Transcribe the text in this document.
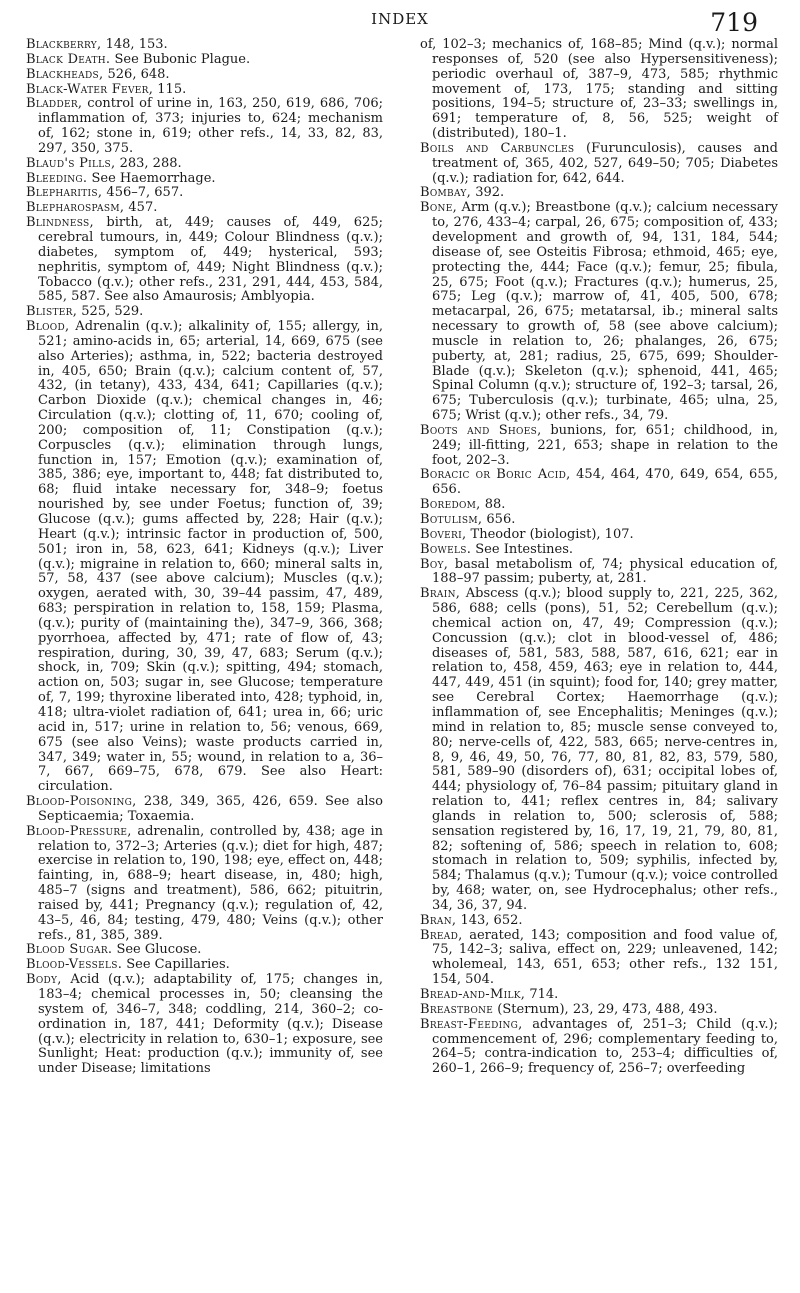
INDEX	719

Blackberry, 148, 153.

Black Death. See Bubonic Plague.

Blackheads, 526, 648.

Black-Water Fever, 115.

Bladder, control of urine in, 163, 250, 619, 686, 706; inflammation of, 373; injuries to, 624; mechanism of, 162; stone in, 619; other refs., 14, 33, 82, 83, 297, 350, 375.

Blaud's Pills, 283, 288.

Bleeding. See Haemorrhage.

Blepharitis, 456–7, 657.

Blepharospasm, 457.

Blindness, birth, at, 449; causes of, 449, 625; cerebral tumours, in, 449; Colour Blindness (q.v.); diabetes, symptom of, 449; hysterical, 593; nephritis, symptom of, 449; Night Blindness (q.v.); Tobacco (q.v.); other refs., 231, 291, 444, 453, 584, 585, 587. See also Amaurosis; Amblyopia.

Blister, 525, 529.

Blood, Adrenalin (q.v.); alkalinity of, 155; allergy, in, 521; amino-acids in, 65; arterial, 14, 669, 675 (see also Arteries); asthma, in, 522; bacteria destroyed in, 405, 650; Brain (q.v.); calcium content of, 57, 432, (in tetany), 433, 434, 641; Capillaries (q.v.); Carbon Dioxide (q.v.); chemical changes in, 46; Circulation (q.v.); clotting of, 11, 670; cooling of, 200; composition of, 11; Constipation (q.v.); Corpuscles (q.v.); elimination through lungs, function in, 157; Emotion (q.v.); examination of, 385, 386; eye, important to, 448; fat distributed to, 68; fluid intake necessary for, 348–9; foetus nourished by, see under Foetus; function of, 39; Glucose (q.v.); gums affected by, 228; Hair (q.v.); Heart (q.v.); intrinsic factor in production of, 500, 501; iron in, 58, 623, 641; Kidneys (q.v.); Liver (q.v.); migraine in relation to, 660; mineral salts in, 57, 58, 437 (see above calcium); Muscles (q.v.); oxygen, aerated with, 30, 39–44 passim, 47, 489, 683; perspiration in relation to, 158, 159; Plasma, (q.v.); purity of (maintaining the), 347–9, 366, 368; pyorrhoea, affected by, 471; rate of flow of, 43; respiration, during, 30, 39, 47, 683; Serum (q.v.); shock, in, 709; Skin (q.v.); spitting, 494; stomach, action on, 503; sugar in, see Glucose; temperature of, 7, 199; thyroxine liberated into, 428; typhoid, in, 418; ultra-violet radiation of, 641; urea in, 66; uric acid in, 517; urine in relation to, 56; venous, 669, 675 (see also Veins); waste products carried in, 347, 349; water in, 55; wound, in relation to a, 36–7, 667, 669–75, 678, 679. See also Heart: circulation.

Blood-Poisoning, 238, 349, 365, 426, 659. See also Septicaemia; Toxaemia.

Blood-Pressure, adrenalin, controlled by, 438; age in relation to, 372–3; Arteries (q.v.); diet for high, 487; exercise in relation to, 190, 198; eye, effect on, 448; fainting, in, 688–9; heart disease, in, 480; high, 485–7 (signs and treatment), 586, 662; pituitrin, raised by, 441; Pregnancy (q.v.); regulation of, 42, 43–5, 46, 84; testing, 479, 480; Veins (q.v.); other refs., 81, 385, 389.

Blood Sugar. See Glucose.

Blood-Vessels. See Capillaries.

Body, Acid (q.v.); adaptability of, 175; changes in, 183–4; chemical processes in, 50; cleansing the system of, 346–7, 348; coddling, 214, 360–2; co-ordination in, 187, 441; Deformity (q.v.); Disease (q.v.); electricity in relation to, 630–1; exposure, see Sunlight; Heat: production (q.v.); immunity of, see under Disease; limitations

of, 102–3; mechanics of, 168–85; Mind (q.v.); normal responses of, 520 (see also Hypersensitiveness); periodic overhaul of, 387–9, 473, 585; rhythmic movement of, 173, 175; standing and sitting positions, 194–5; structure of, 23–33; swellings in, 691; temperature of, 8, 56, 525; weight of (distributed), 180–1.

Boils and Carbuncles (Furunculosis), causes and treatment of, 365, 402, 527, 649–50; 705; Diabetes (q.v.); radiation for, 642, 644.

Bombay, 392.

Bone, Arm (q.v.); Breastbone (q.v.); calcium necessary to, 276, 433–4; carpal, 26, 675; composition of, 433; development and growth of, 94, 131, 184, 544; disease of, see Osteitis Fibrosa; ethmoid, 465; eye, protecting the, 444; Face (q.v.); femur, 25; fibula, 25, 675; Foot (q.v.); Fractures (q.v.); humerus, 25, 675; Leg (q.v.); marrow of, 41, 405, 500, 678; metacarpal, 26, 675; metatarsal, ib.; mineral salts necessary to growth of, 58 (see above calcium); muscle in relation to, 26; phalanges, 26, 675; puberty, at, 281; radius, 25, 675, 699; Shoulder-Blade (q.v.); Skeleton (q.v.); sphenoid, 441, 465; Spinal Column (q.v.); structure of, 192–3; tarsal, 26, 675; Tuberculosis (q.v.); turbinate, 465; ulna, 25, 675; Wrist (q.v.); other refs., 34, 79.

Boots and Shoes, bunions, for, 651; childhood, in, 249; ill-fitting, 221, 653; shape in relation to the foot, 202–3.

Boracic or Boric Acid, 454, 464, 470, 649, 654, 655, 656.

Boredom, 88.

Botulism, 656.

Boveri, Theodor (biologist), 107.

Bowels. See Intestines.

Boy, basal metabolism of, 74; physical education of, 188–97 passim; puberty, at, 281.

Brain, Abscess (q.v.); blood supply to, 221, 225, 362, 586, 688; cells (pons), 51, 52; Cerebellum (q.v.); chemical action on, 47, 49; Compression (q.v.); Concussion (q.v.); clot in blood-vessel of, 486; diseases of, 581, 583, 588, 587, 616, 621; ear in relation to, 458, 459, 463; eye in relation to, 444, 447, 449, 451 (in squint); food for, 140; grey matter, see Cerebral Cortex; Haemorrhage (q.v.); inflammation of, see Encephalitis; Meninges (q.v.); mind in relation to, 85; muscle sense conveyed to, 80; nerve-cells of, 422, 583, 665; nerve-centres in, 8, 9, 46, 49, 50, 76, 77, 80, 81, 82, 83, 579, 580, 581, 589–90 (disorders of), 631; occipital lobes of, 444; physiology of, 76–84 passim; pituitary gland in relation to, 441; reflex centres in, 84; salivary glands in relation to, 500; sclerosis of, 588; sensation registered by, 16, 17, 19, 21, 79, 80, 81, 82; softening of, 586; speech in relation to, 608; stomach in relation to, 509; syphilis, infected by, 584; Thalamus (q.v.); Tumour (q.v.); voice controlled by, 468; water, on, see Hydrocephalus; other refs., 34, 36, 37, 94.

Bran, 143, 652.

Bread, aerated, 143; composition and food value of, 75, 142–3; saliva, effect on, 229; unleavened, 142; wholemeal, 143, 651, 653; other refs., 132 151, 154, 504.

Bread-and-Milk, 714.

Breastbone (Sternum), 23, 29, 473, 488, 493.

Breast-Feeding, advantages of, 251–3; Child (q.v.); commencement of, 296; complementary feeding to, 264–5; contra-indication to, 253–4; difficulties of, 260–1, 266–9; frequency of, 256–7; overfeeding
